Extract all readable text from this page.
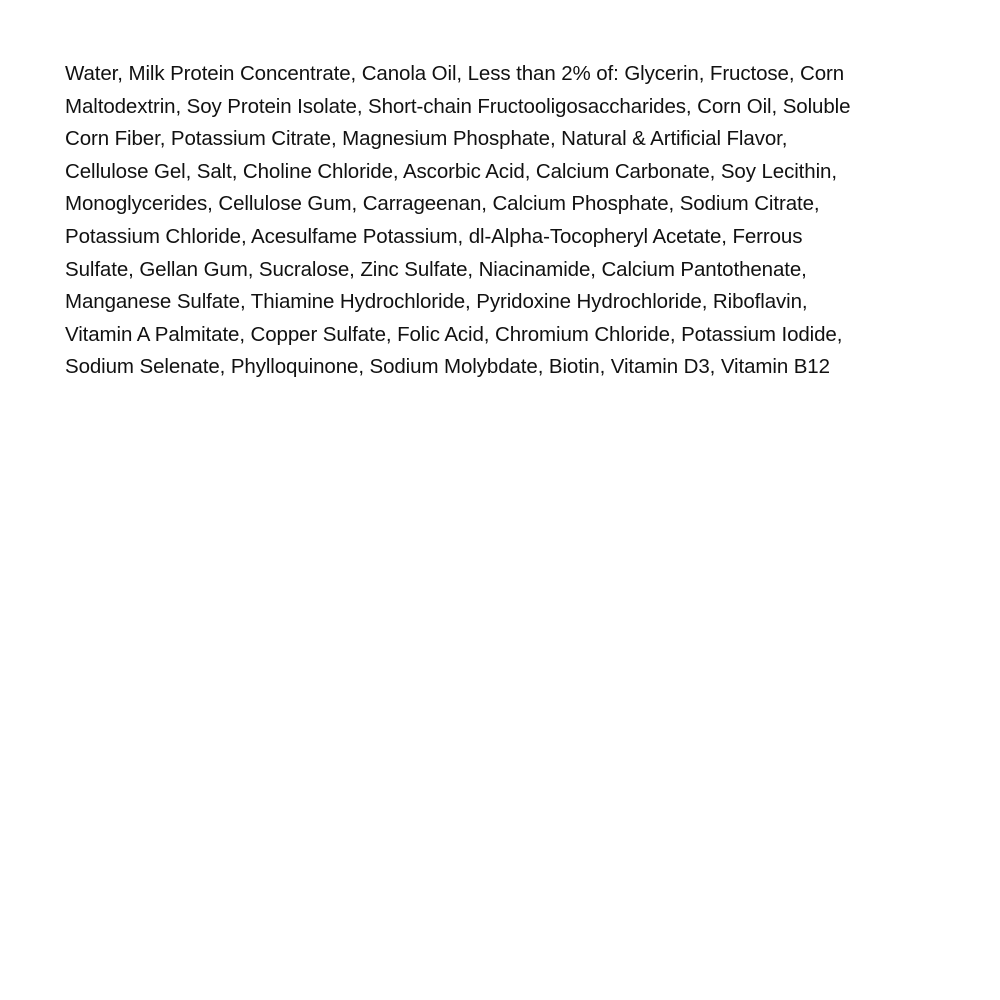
Water, Milk Protein Concentrate, Canola Oil, Less than 2% of: Glycerin, Fructose, Corn
Maltodextrin, Soy Protein Isolate, Short-chain Fructooligosaccharides, Corn Oil, Soluble
Corn Fiber, Potassium Citrate, Magnesium Phosphate, Natural & Artificial Flavor,
Cellulose Gel, Salt, Choline Chloride, Ascorbic Acid, Calcium Carbonate, Soy Lecithin,
Monoglycerides, Cellulose Gum, Carrageenan, Calcium Phosphate, Sodium Citrate,
Potassium Chloride, Acesulfame Potassium, dl-Alpha-Tocopheryl Acetate, Ferrous
Sulfate, Gellan Gum, Sucralose, Zinc Sulfate, Niacinamide, Calcium Pantothenate,
Manganese Sulfate, Thiamine Hydrochloride, Pyridoxine Hydrochloride, Riboflavin,
Vitamin A Palmitate, Copper Sulfate, Folic Acid, Chromium Chloride, Potassium Iodide,
Sodium Selenate, Phylloquinone, Sodium Molybdate, Biotin, Vitamin D3, Vitamin B12
